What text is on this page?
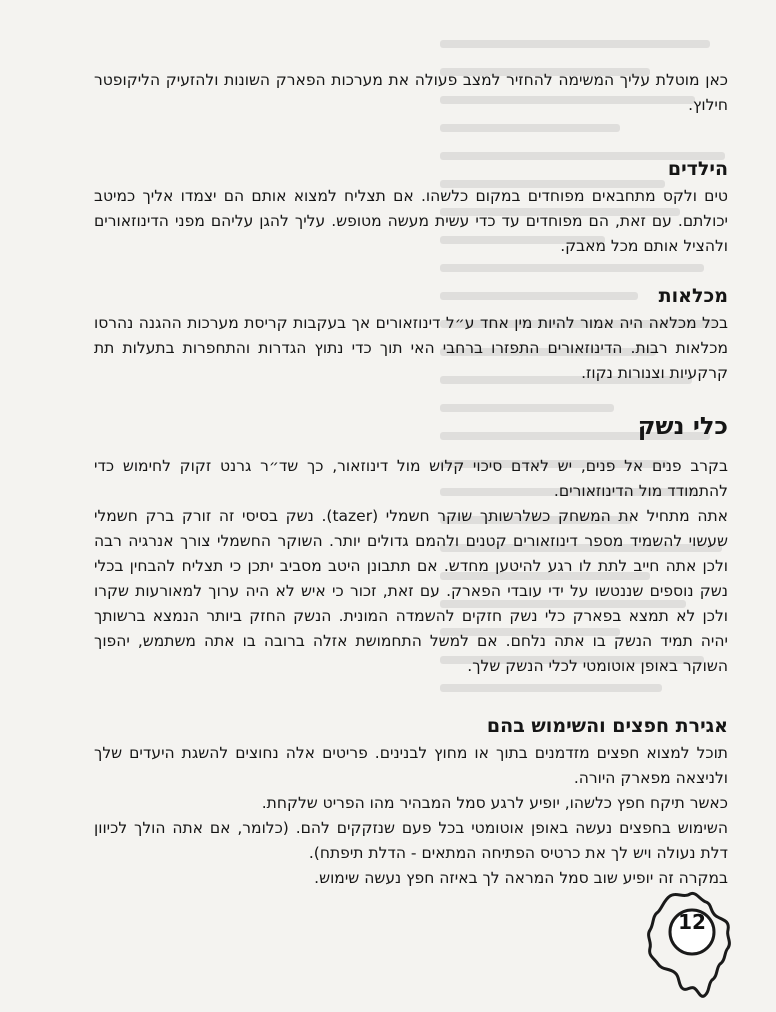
כאן מוטלת עליך המשימה להחזיר למצב פעולה את מערכות הפארק השונות ולהזעיק הליקופטר חילוץ.

הילדים

טים ולקס מתחבאים מפוחדים במקום כלשהו. אם תצליח למצוא אותם הם יצמדו אליך כמיטב יכולתם. עם זאת, הם מפוחדים עד כדי עשית מעשה מטופש. עליך להגן עליהם מפני הדינוזאורים ולהציל אותם מכל מאבק.

מכלאות

בכל מכלאה היה אמור להיות מין אחד ע״ל דינוזאורים אך בעקבות קריסת מערכות ההגנה נהרסו מכלאות רבות. הדינוזאורים התפזרו ברחבי האי תוך כדי נתוץ הגדרות והתחפרות בתעלות תת קרקעיות וצנורות נקוז.

כלי נשק

בקרב פנים אל פנים, יש לאדם סיכוי קלוש מול דינוזאור, כך שד״ר גרנט זקוק לחימוש כדי להתמודד מול הדינוזאורים.

אתה מתחיל את המשחק כשלרשותך שוקר חשמלי (tazer). נשק בסיסי זה זורק ברק חשמלי שעשוי להשמיד מספר דינוזאורים קטנים ולהמם גדולים יותר. השוקר החשמלי צורך אנרגיה רבה ולכן אתה חייב לתת לו רגע להיטען מחדש. אם תתבונן היטב מסביב יתכן כי תצליח להבחין בכלי נשק נוספים שננטשו על ידי עובדי הפארק. עם זאת, זכור כי איש לא היה ערוך למאורעות שקרו ולכן לא תמצא בפארק כלי נשק חזקים להשמדה המונית. הנשק החזק ביותר הנמצא ברשותך יהיה תמיד הנשק בו אתה נלחם. אם למשל התחמושת אזלה ברובה בו אתה משתמש, יהפוך השוקר באופן אוטומטי לכלי הנשק שלך.

אגירת חפצים והשימוש בהם

תוכל למצוא חפצים מזדמנים בתוך או מחוץ לבנינים. פריטים אלה נחוצים להשגת היעדים שלך ולניצאה מפארק היורה.

כאשר תיקח חפץ כלשהו, יופיע לרגע סמל המבהיר מהו הפריט שלקחת.

השימוש בחפצים נעשה באופן אוטומטי בכל פעם שנזקקים להם. (כלומר, אם אתה הולך לכיוון דלת נעולה ויש לך את כרטיס הפתיחה המתאים - הדלת תיפתח).

במקרה זה יופיע שוב סמל המראה לך באיזה חפץ נעשה שימוש.

12
